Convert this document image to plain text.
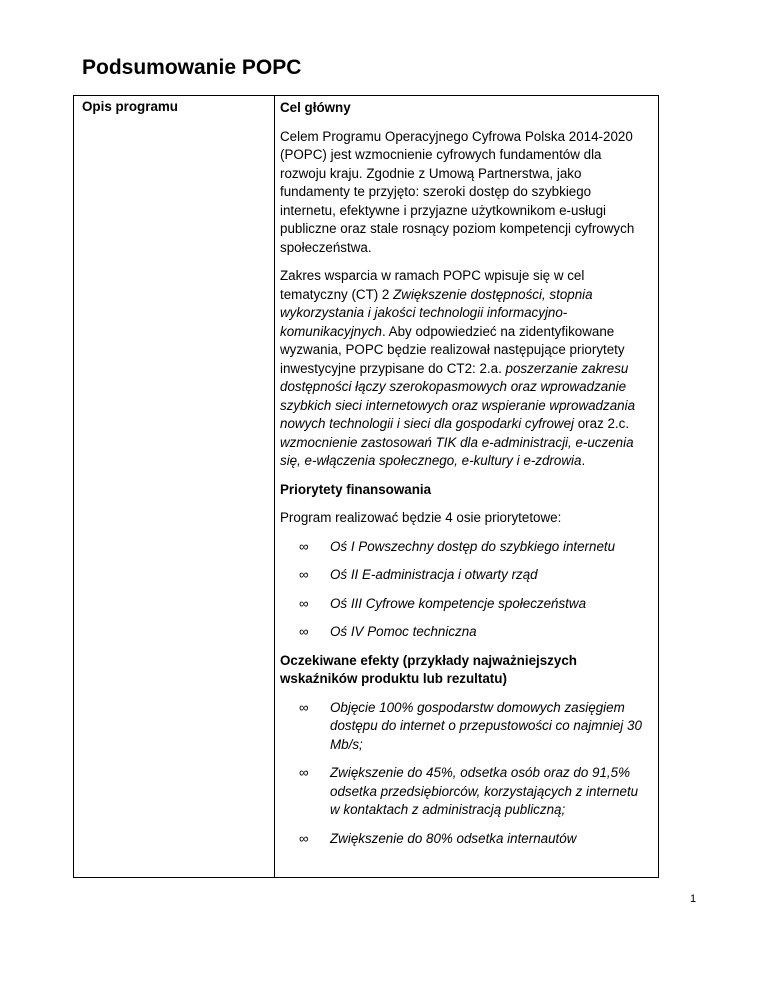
Podsumowanie POPC
Opis programu	Cel główny

Celem Programu Operacyjnego Cyfrowa Polska 2014-2020 (POPC) jest wzmocnienie cyfrowych fundamentów dla rozwoju kraju. Zgodnie z Umową Partnerstwa, jako fundamenty te przyjęto: szeroki dostęp do szybkiego internetu, efektywne i przyjazne użytkownikom e-usługi publiczne oraz stale rosnący poziom kompetencji cyfrowych społeczeństwa.

Zakres wsparcia w ramach POPC wpisuje się w cel tematyczny (CT) 2 Zwiększenie dostępności, stopnia wykorzystania i jakości technologii informacyjno-komunikacyjnych. Aby odpowiedzieć na zidentyfikowane wyzwania, POPC będzie realizował następujące priorytety inwestycyjne przypisane do CT2: 2.a. poszerzanie zakresu dostępności łączy szerokopasmowych oraz wprowadzanie szybkich sieci internetowych oraz wspieranie wprowadzania nowych technologii i sieci dla gospodarki cyfrowej oraz 2.c. wzmocnienie zastosowań TIK dla e-administracji, e-uczenia się, e-włączenia społecznego, e-kultury i e-zdrowia.

Priorytety finansowania

Program realizować będzie 4 osie priorytetowe:

∞ Oś I Powszechny dostęp do szybkiego internetu
∞ Oś II E-administracja i otwarty rząd
∞ Oś III Cyfrowe kompetencje społeczeństwa
∞ Oś IV Pomoc techniczna

Oczekiwane efekty (przykłady najważniejszych wskaźników produktu lub rezultatu)

∞ Objęcie 100% gospodarstw domowych zasięgiem dostępu do internet o przepustowości co najmniej 30 Mb/s;
∞ Zwiększenie do 45%, odsetka osób oraz do 91,5% odsetka przedsiębiorców, korzystających z internetu w kontaktach z administracją publiczną;
∞ Zwiększenie do 80% odsetka internautów
1
